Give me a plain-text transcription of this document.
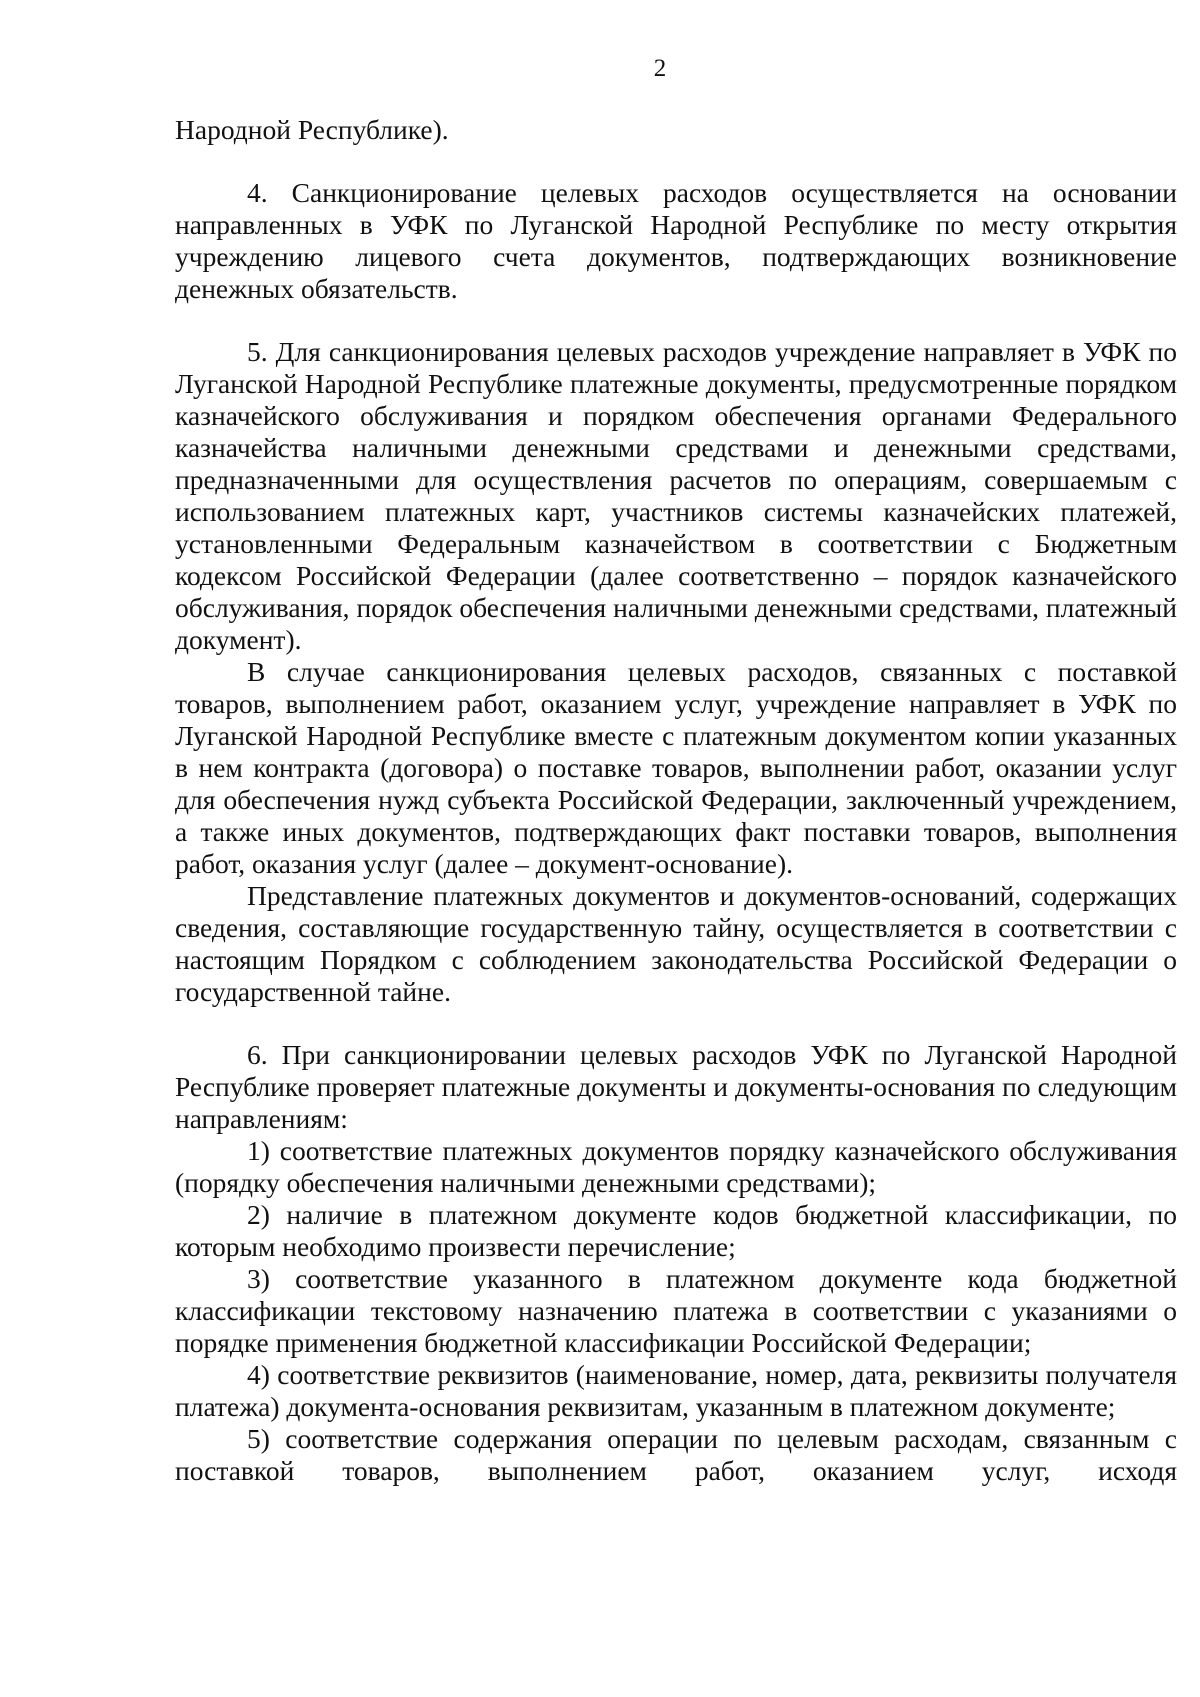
2

Народной Республике).

4. Санкционирование целевых расходов осуществляется на основании направленных в УФК по Луганской Народной Республике по месту открытия учреждению лицевого счета документов, подтверждающих возникновение денежных обязательств.

5. Для санкционирования целевых расходов учреждение направляет в УФК по Луганской Народной Республике платежные документы, предусмотренные порядком казначейского обслуживания и порядком обеспечения органами Федерального казначейства наличными денежными средствами и денежными средствами, предназначенными для осуществления расчетов по операциям, совершаемым с использованием платежных карт, участников системы казначейских платежей, установленными Федеральным казначейством в соответствии с Бюджетным кодексом Российской Федерации (далее соответственно – порядок казначейского обслуживания, порядок обеспечения наличными денежными средствами, платежный документ).

В случае санкционирования целевых расходов, связанных с поставкой товаров, выполнением работ, оказанием услуг, учреждение направляет в УФК по Луганской Народной Республике вместе с платежным документом копии указанных в нем контракта (договора) о поставке товаров, выполнении работ, оказании услуг для обеспечения нужд субъекта Российской Федерации, заключенный учреждением, а также иных документов, подтверждающих факт поставки товаров, выполнения работ, оказания услуг (далее – документ-основание).

Представление платежных документов и документов-оснований, содержащих сведения, составляющие государственную тайну, осуществляется в соответствии с настоящим Порядком с соблюдением законодательства Российской Федерации о государственной тайне.

6. При санкционировании целевых расходов УФК по Луганской Народной Республике проверяет платежные документы и документы-основания по следующим направлениям:

1) соответствие платежных документов порядку казначейского обслуживания (порядку обеспечения наличными денежными средствами);

2) наличие в платежном документе кодов бюджетной классификации, по которым необходимо произвести перечисление;

3) соответствие указанного в платежном документе кода бюджетной классификации текстовому назначению платежа в соответствии с указаниями о порядке применения бюджетной классификации Российской Федерации;

4) соответствие реквизитов (наименование, номер, дата, реквизиты получателя платежа) документа-основания реквизитам, указанным в платежном документе;

5) соответствие содержания операции по целевым расходам, связанным с поставкой товаров, выполнением работ, оказанием услуг, исходя
